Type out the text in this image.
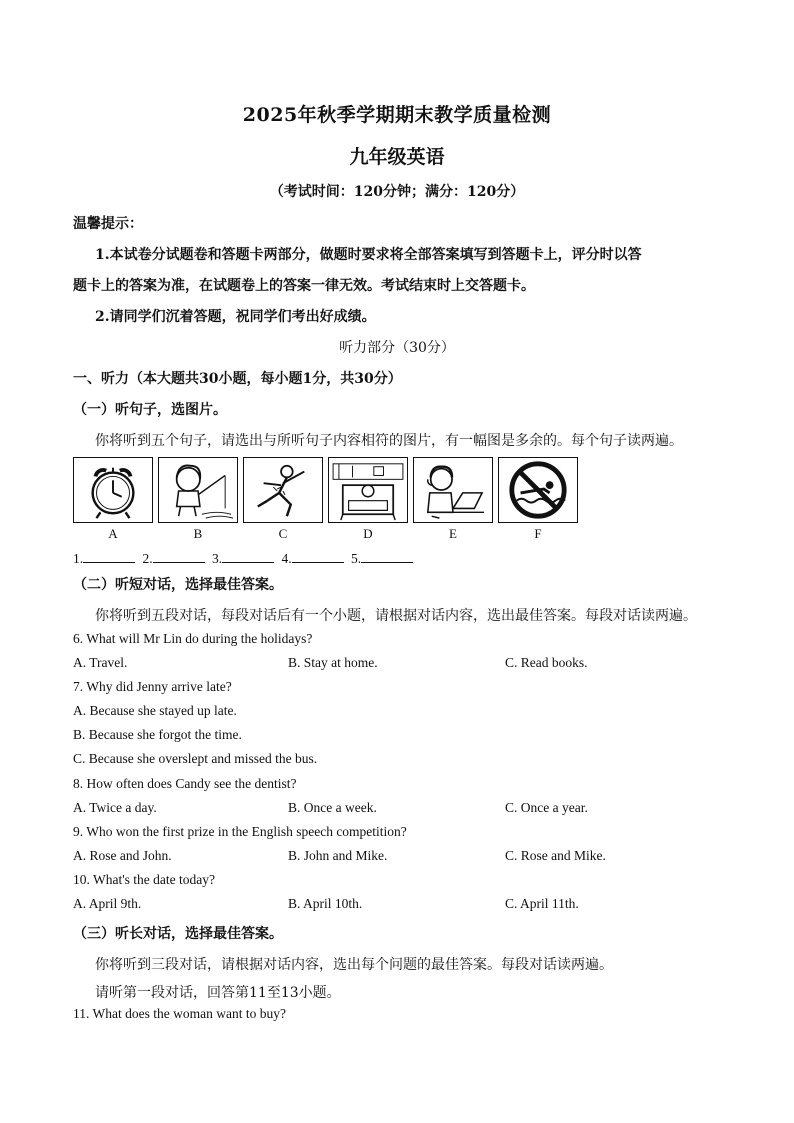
2025年秋季学期期末教学质量检测
九年级英语
（考试时间：120分钟；满分：120分）
温馨提示：
1.本试卷分试题卷和答题卡两部分，做题时要求将全部答案填写到答题卡上，评分时以答
题卡上的答案为准，在试题卷上的答案一律无效。考试结束时上交答题卡。
2.请同学们沉着答题，祝同学们考出好成绩。
听力部分（30分）
一、听力（本大题共30小题，每小题1分，共30分）
（一）听句子，选图片。
你将听到五个句子，请选出与所听句子内容相符的图片，有一幅图是多余的。每个句子读两遍。
A	B	C	D	E	F
1.	2.	3.	4.	5.
（二）听短对话，选择最佳答案。
你将听到五段对话，每段对话后有一个小题，请根据对话内容，选出最佳答案。每段对话读两遍。
6. What will Mr Lin do during the holidays?
A. Travel.	B. Stay at home.	C. Read books.
7. Why did Jenny arrive late?
A. Because she stayed up late.
B. Because she forgot the time.
C. Because she overslept and missed the bus.
8. How often does Candy see the dentist?
A. Twice a day.	B. Once a week.	C. Once a year.
9. Who won the first prize in the English speech competition?
A. Rose and John.	B. John and Mike.	C. Rose and Mike.
10. What's the date today?
A. April 9th.	B. April 10th.	C. April 11th.
（三）听长对话，选择最佳答案。
你将听到三段对话，请根据对话内容，选出每个问题的最佳答案。每段对话读两遍。
请听第一段对话，回答第11至13小题。
11. What does the woman want to buy?
